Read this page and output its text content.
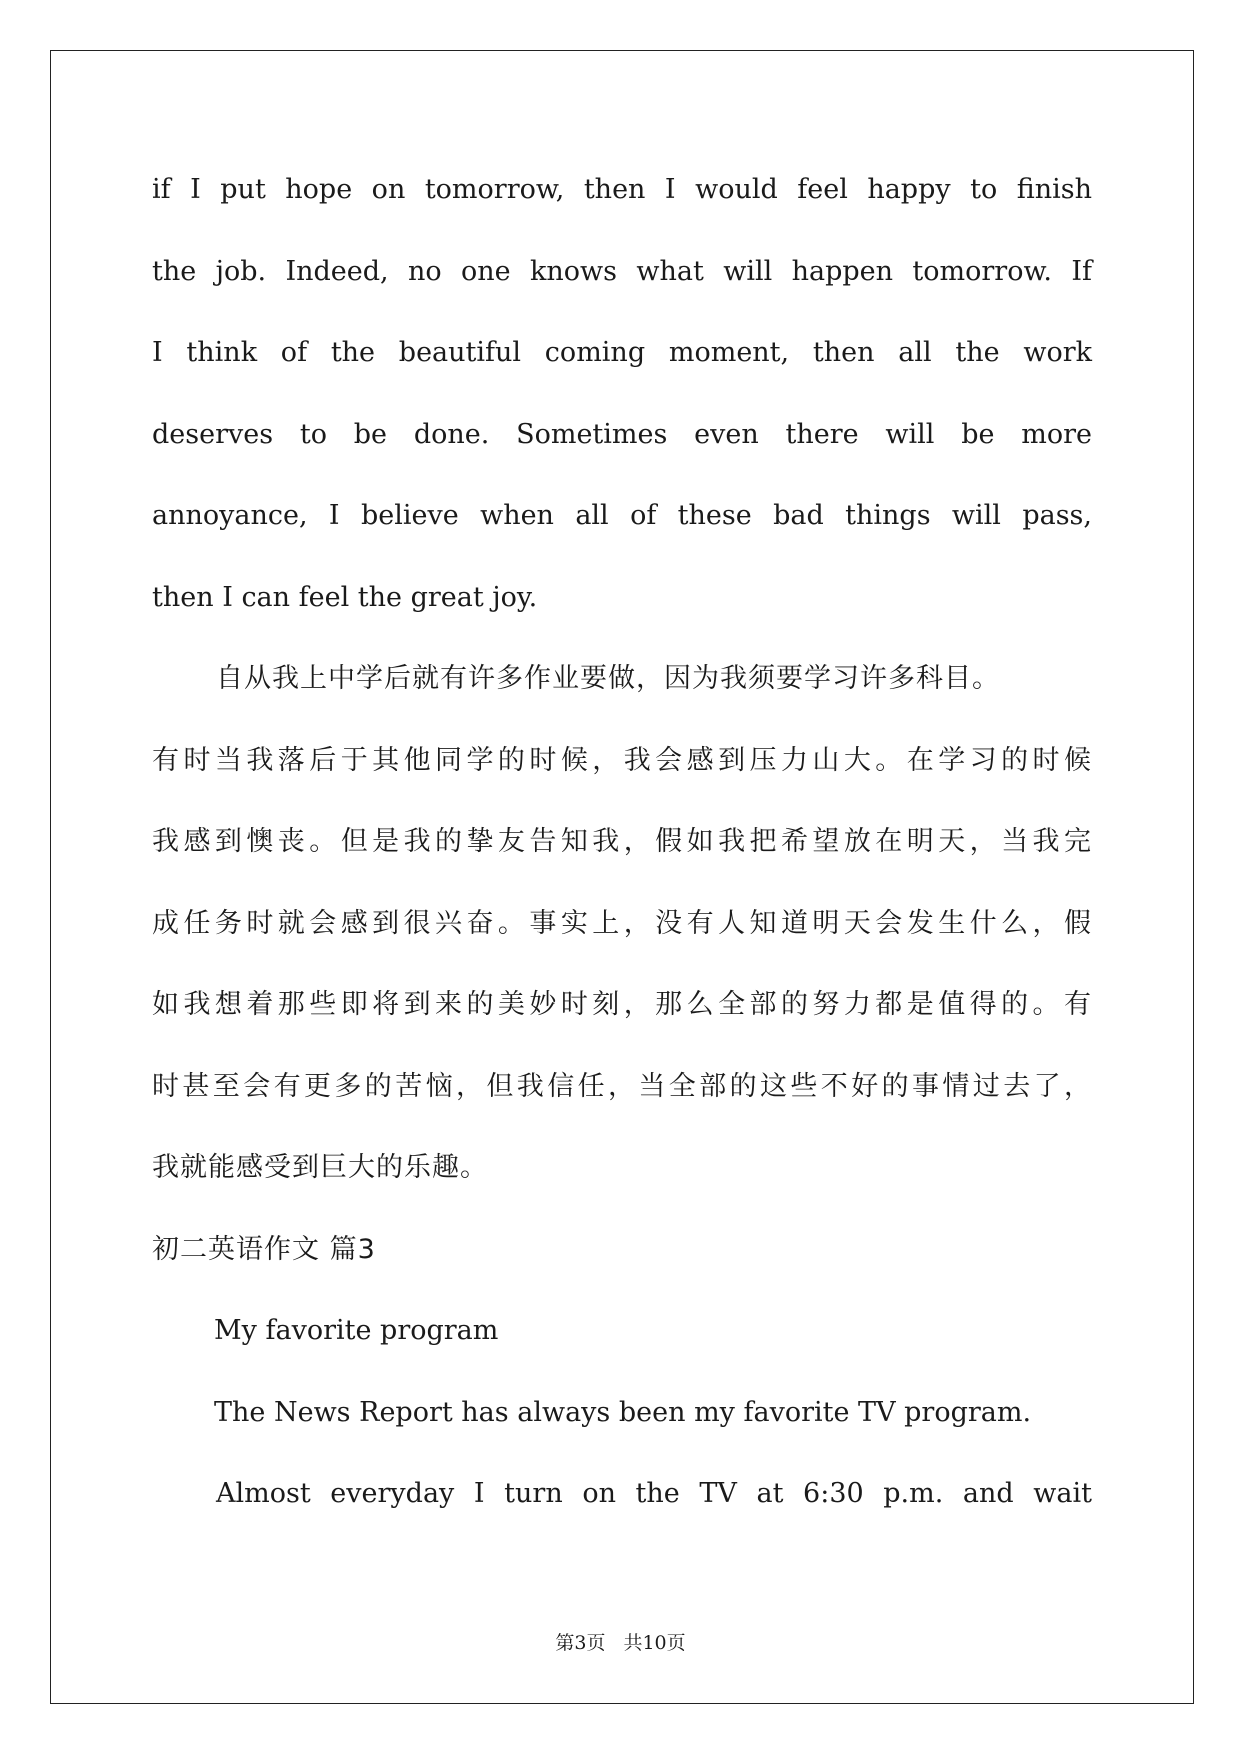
if I put hope on tomorrow, then I would feel happy to finish
the job. Indeed, no one knows what will happen tomorrow. If
I think of the beautiful coming moment, then all the work
deserves to be done. Sometimes even there will be more
annoyance, I believe when all of these bad things will pass,
then I can feel the great joy.
自从我上中学后就有许多作业要做，因为我须要学习许多科目。
有时当我落后于其他同学的时候，我会感到压力山大。在学习的时候
我感到懊丧。但是我的挚友告知我，假如我把希望放在明天，当我完
成任务时就会感到很兴奋。事实上，没有人知道明天会发生什么，假
如我想着那些即将到来的美妙时刻，那么全部的努力都是值得的。有
时甚至会有更多的苦恼，但我信任，当全部的这些不好的事情过去了，
我就能感受到巨大的乐趣。
初二英语作文 篇3
My favorite program
The News Report has always been my favorite TV program.
Almost everyday I turn on the TV at 6:30 p.m. and wait
第3页 共10页
